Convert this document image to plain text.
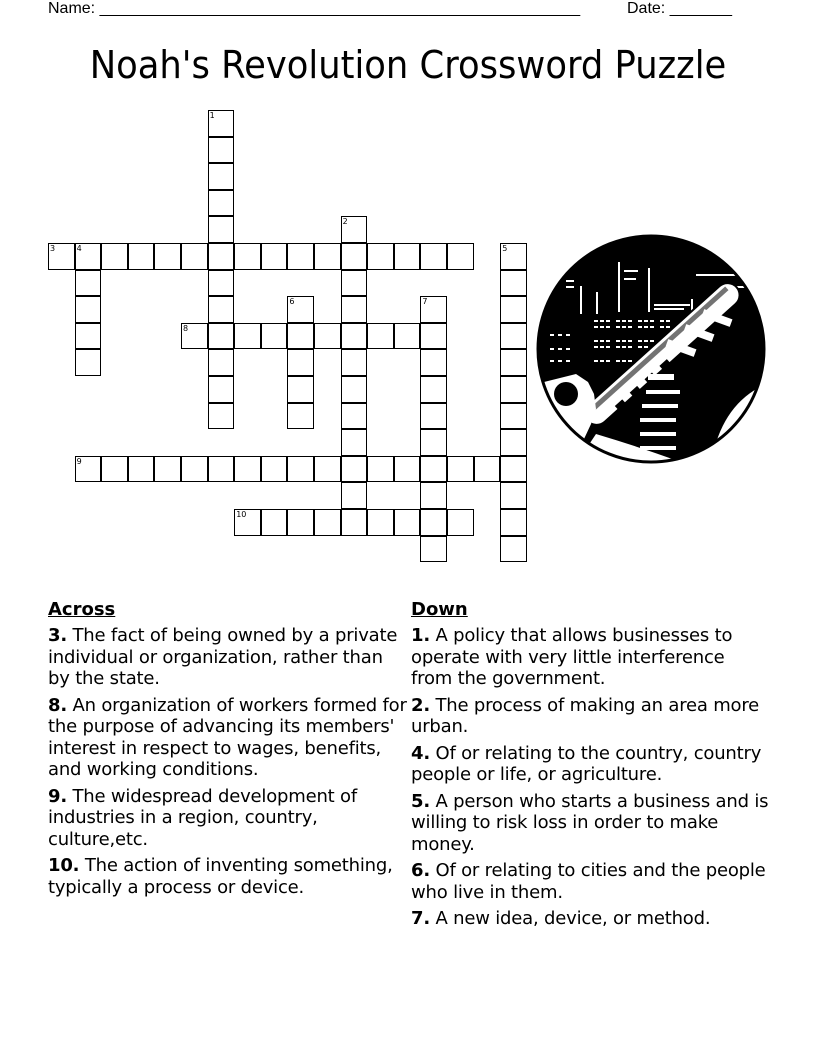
Name: ______________________________________________________	Date: _______
Noah's Revolution Crossword Puzzle
1
2
3	4	5
6	7
8
9
10
Across
3. The fact of being owned by a private individual or organization, rather than by the state.
8. An organization of workers formed for the purpose of advancing its members' interest in respect to wages, benefits, and working conditions.
9. The widespread development of industries in a region, country, culture,etc.
10. The action of inventing something, typically a process or device.
Down
1. A policy that allows businesses to operate with very little interference from the government.
2. The process of making an area more urban.
4. Of or relating to the country, country people or life, or agriculture.
5. A person who starts a business and is willing to risk loss in order to make money.
6. Of or relating to cities and the people who live in them.
7. A new idea, device, or method.
